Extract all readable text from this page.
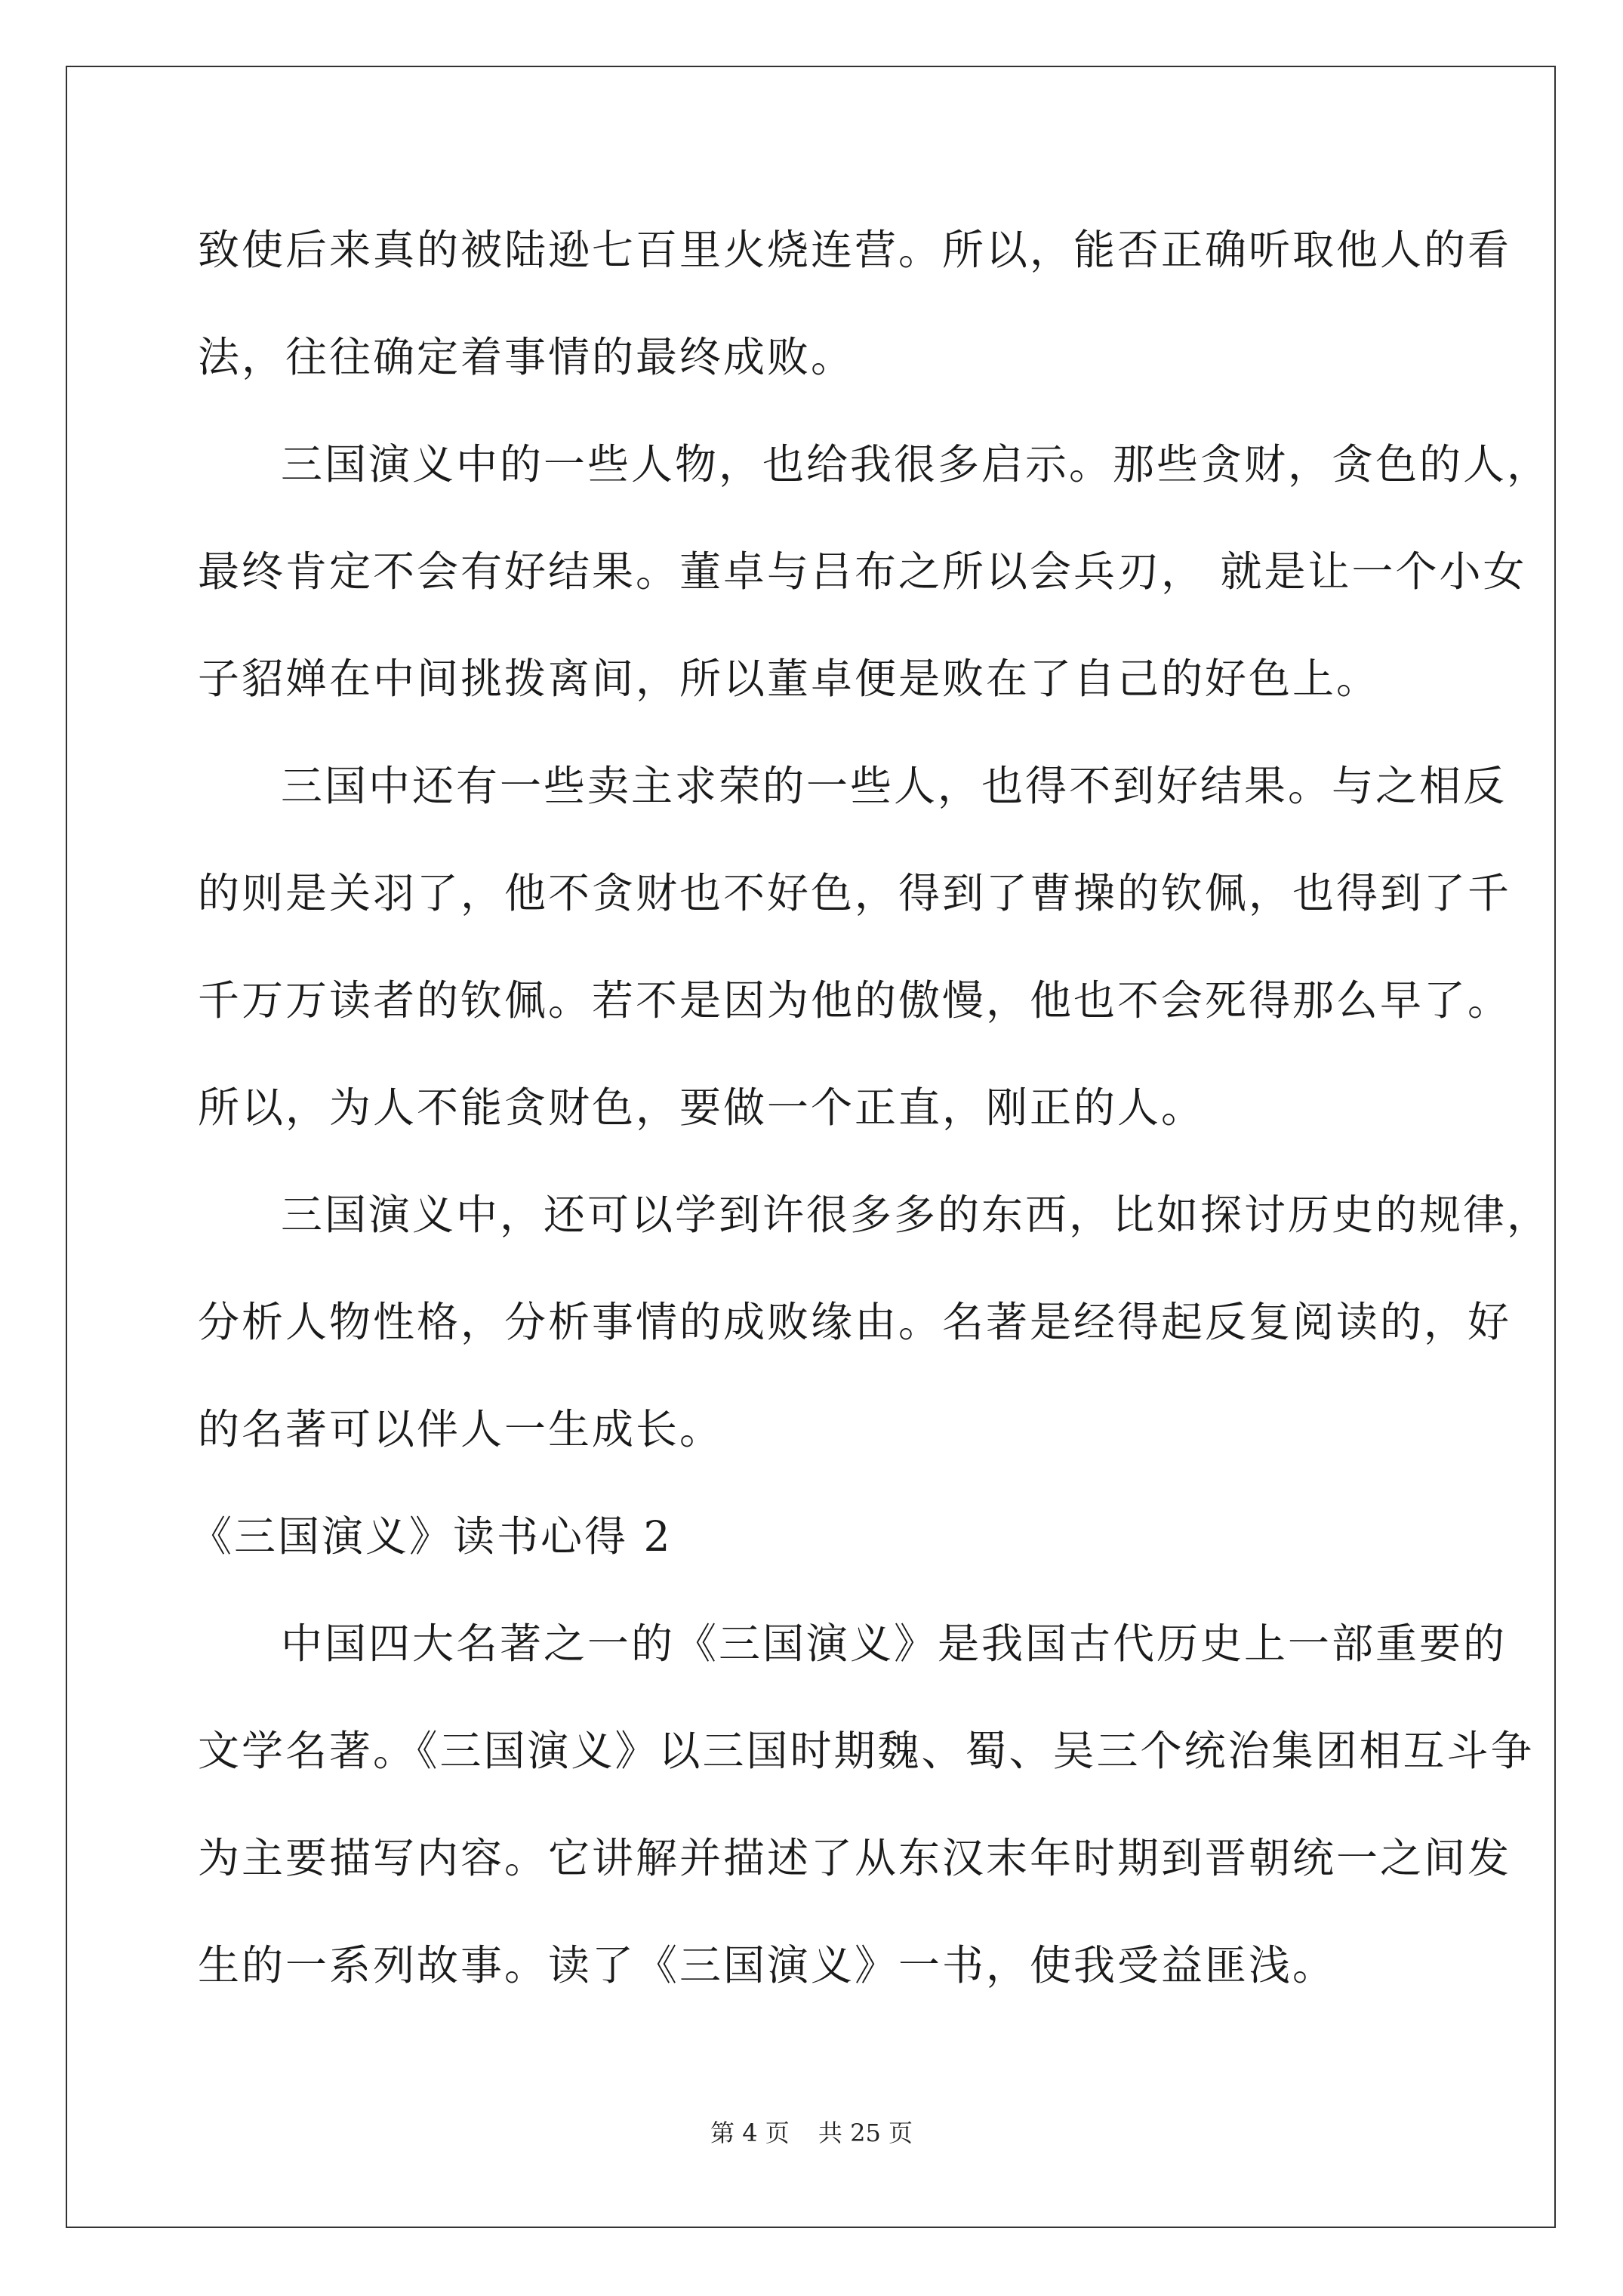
致使后来真的被陆逊七百里火烧连营。所以，能否正确听取他人的看
法，往往确定着事情的最终成败。
三国演义中的一些人物，也给我很多启示。那些贪财，贪色的人，
最终肯定不会有好结果。董卓与吕布之所以会兵刃， 就是让一个小女
子貂婵在中间挑拨离间，所以董卓便是败在了自己的好色上。
三国中还有一些卖主求荣的一些人，也得不到好结果。与之相反
的则是关羽了，他不贪财也不好色，得到了曹操的钦佩，也得到了千
千万万读者的钦佩。若不是因为他的傲慢，他也不会死得那么早了。
所以，为人不能贪财色，要做一个正直，刚正的人。
三国演义中，还可以学到许很多多的东西，比如探讨历史的规律，
分析人物性格，分析事情的成败缘由。名著是经得起反复阅读的，好
的名著可以伴人一生成长。
《三国演义》读书心得 2
中国四大名著之一的《三国演义》是我国古代历史上一部重要的
文学名著。《三国演义》以三国时期魏、蜀、吴三个统治集团相互斗争
为主要描写内容。它讲解并描述了从东汉末年时期到晋朝统一之间发
生的一系列故事。读了《三国演义》一书，使我受益匪浅。
第 4 页 共 25 页
